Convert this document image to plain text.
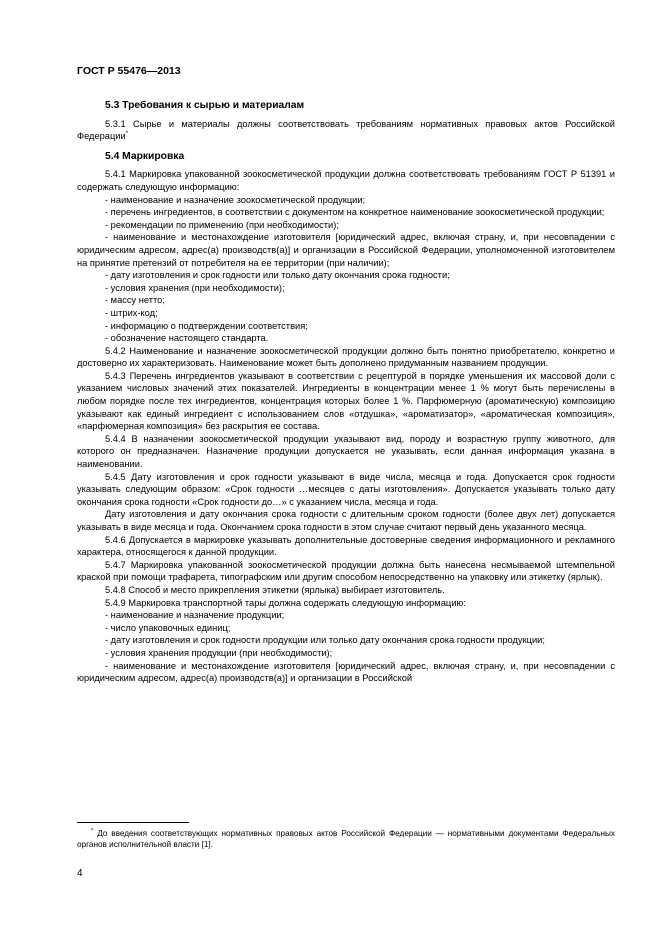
ГОСТ Р 55476—2013
5.3 Требования к сырью и материалам

5.3.1 Сырье и материалы должны соответствовать требованиям нормативных правовых актов Российской Федерации*

5.4 Маркировка

5.4.1 Маркировка упакованной зоокосметической продукции должна соответствовать требованиям ГОСТ Р 51391 и содержать следующую информацию:

- наименование и назначение зоокосметической продукции;

- перечень ингредиентов, в соответствии с документом на конкретное наименование зоокосметической продукции;

- рекомендации по применению (при необходимости);

- наименование и местонахождение изготовителя [юридический адрес, включая страну, и, при несовпадении с юридическим адресом, адрес(а) производств(а)] и организации в Российской Федерации, уполномоченной изготовителем на принятие претензий от потребителя на ее территории (при наличии);

- дату изготовления и срок годности или только дату окончания срока годности;

- условия хранения (при необходимости);

- массу нетто;

- штрих-код;

- информацию о подтверждении соответствия;

- обозначение настоящего стандарта.

5.4.2 Наименование и назначение зоокосметической продукции должно быть понятно приобретателю, конкретно и достоверно их характеризовать. Наименование может быть дополнено придуманным названием продукции.

5.4.3 Перечень ингредиентов указывают в соответствии с рецептурой в порядке уменьшения их массовой доли с указанием числовых значений этих показателей. Ингредиенты в концентрации менее 1 % могут быть перечислены в любом порядке после тех ингредиентов, концентрация которых более 1 %. Парфюмерную (ароматическую) композицию указывают как единый ингредиент с использованием слов «отдушка», «ароматизатор», «ароматическая композиция», «парфюмерная композиция» без раскрытия ее состава.

5.4.4 В назначении зоокосметической продукции указывают вид, породу и возрастную группу животного, для которого он предназначен. Назначение продукции допускается не указывать, если данная информация указана в наименовании.

5.4.5 Дату изготовления и срок годности указывают в виде числа, месяца и года. Допускается срок годности указывать следующим образом: «Срок годности …месяцев с даты изготовления». Допускается указывать только дату окончания срока годности «Срок годности до…» с указанием числа, месяца и года.

Дату изготовления и дату окончания срока годности с длительным сроком годности (более двух лет) допускается указывать в виде месяца и года. Окончанием срока годности в этом случае считают первый день указанного месяца.

5.4.6 Допускается в маркировке указывать дополнительные достоверные сведения информационного и рекламного характера, относящегося к данной продукции.

5.4.7 Маркировка упакованной зоокосметической продукции должна быть нанесена несмываемой штемпельной краской при помощи трафарета, типографским или другим способом непосредственно на упаковку или этикетку (ярлык).

5.4.8 Способ и место прикрепления этикетки (ярлыка) выбирает изготовитель.

5.4.9 Маркировка транспортной тары должна содержать следующую информацию:

- наименование и назначение продукции;

- число упаковочных единиц;

- дату изготовления и срок годности продукции или только дату окончания срока годности продукции;

- условия хранения продукции (при необходимости);

- наименование и местонахождение изготовителя [юридический адрес, включая страну, и, при несовпадении с юридическим адресом, адрес(а) производств(а)] и организации в Российской

* До введения соответствующих нормативных правовых актов Российской Федерации — нормативными документами Федеральных органов исполнительной власти [1].
4
